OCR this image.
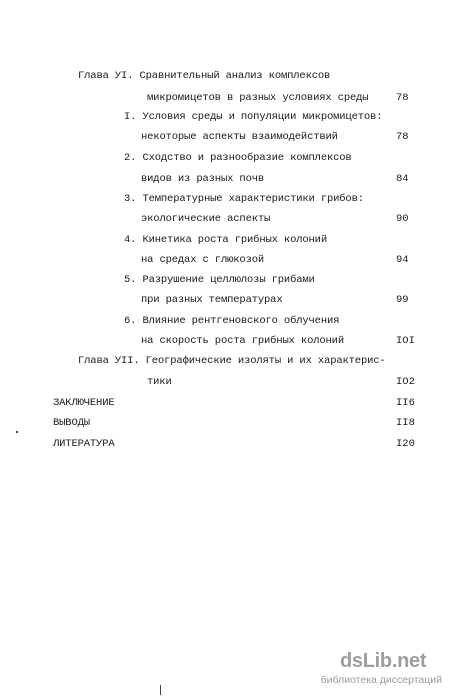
Глава УI. Сравнительный анализ комплексов
микромицетов в разных условиях среды
I. Условия среды и популяции микромицетов:
некоторые аспекты взаимодействий
2. Сходство и разнообразие комплексов
видов из разных почв
3. Температурные характеристики грибов:
экологические аспекты
4. Кинетика роста грибных колоний
на средах с глюкозой
5. Разрушение целлюлозы грибами
при разных температурах
6. Влияние рентгеновского облучения
на скорость роста грибных колоний
Глава УII. Географические изоляты и их характерис-
тики
ЗАКЛЮЧЕНИЕ
ВЫВОДЫ
ЛИТЕРАТУРА
78
78
84
90
94
99
IOI
IO2
II6
II8
I20
dsLib.net
библиотека диссертаций
